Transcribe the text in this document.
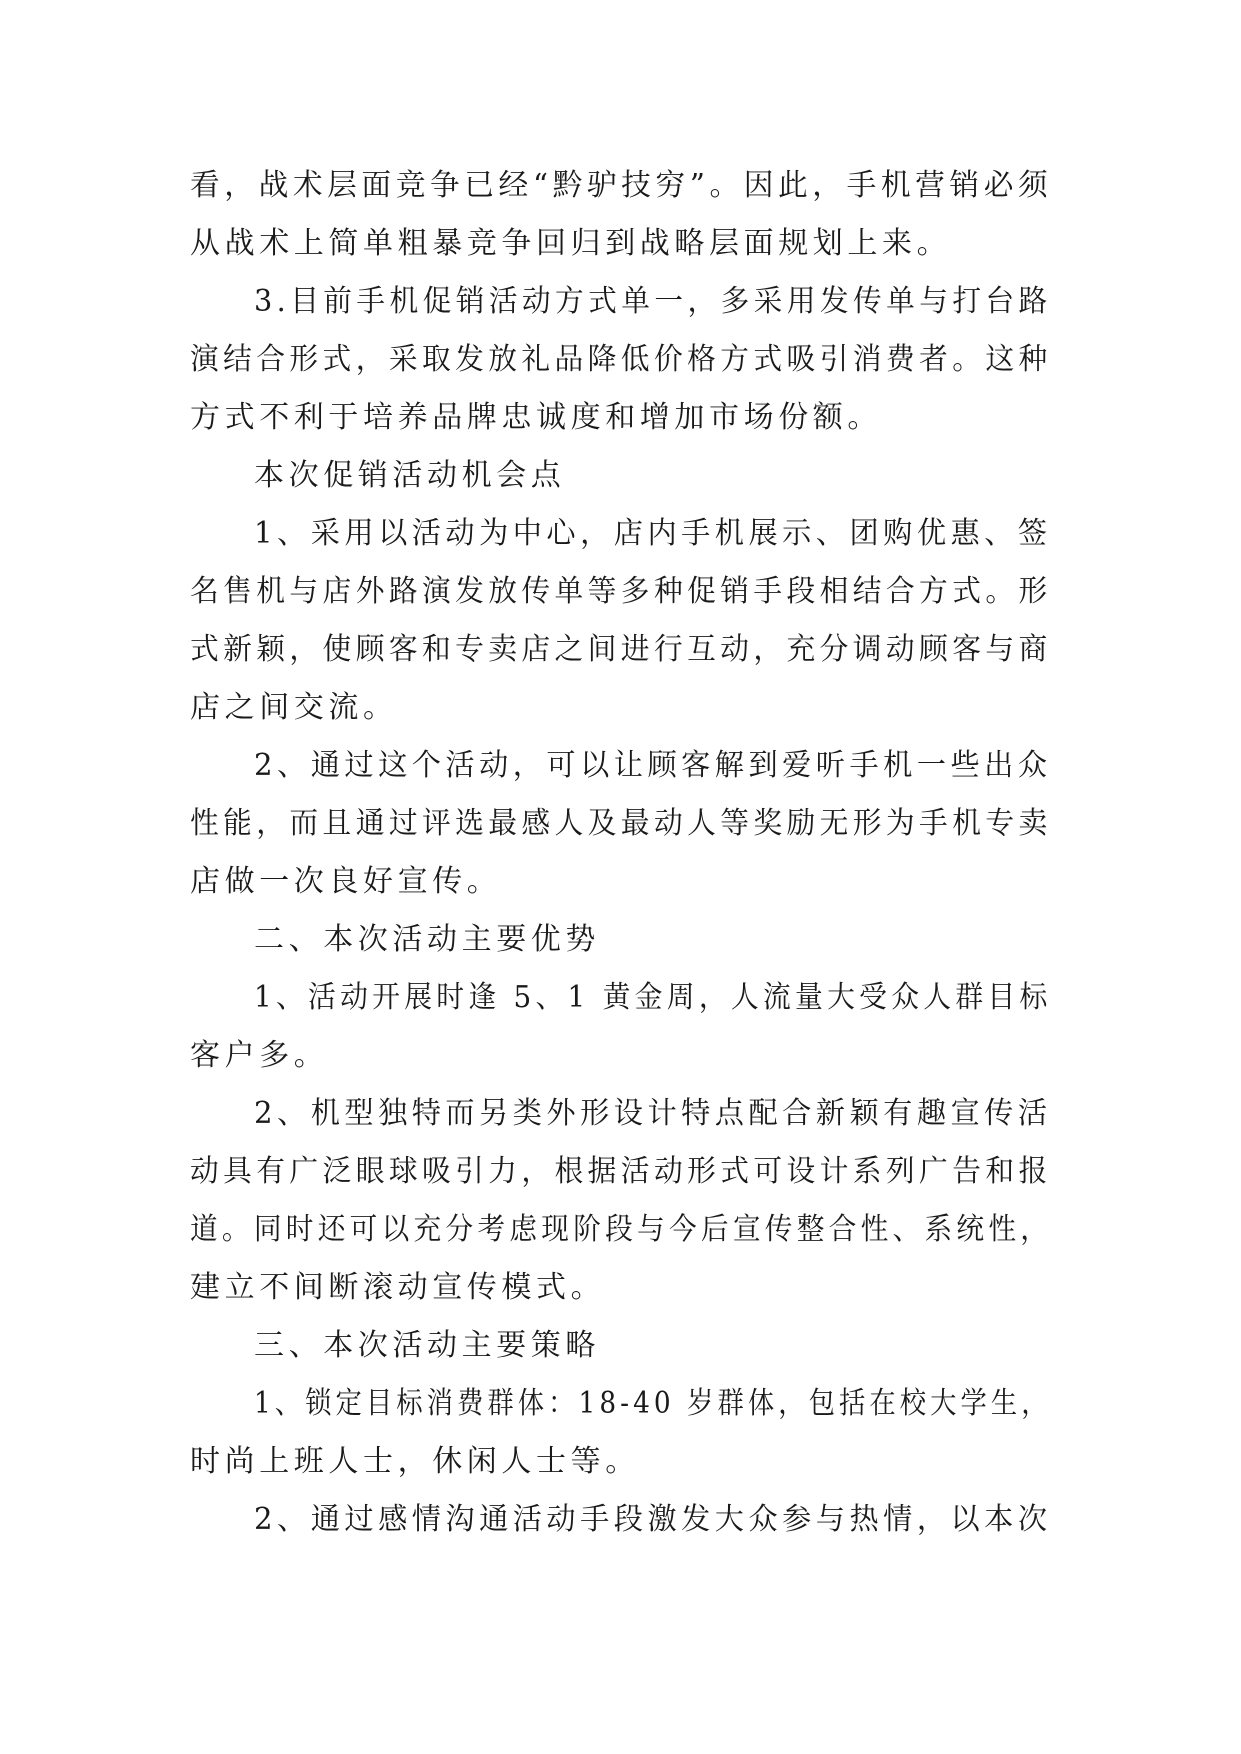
看，战术层面竞争已经“黔驴技穷”。因此，手机营销必须
从战术上简单粗暴竞争回归到战略层面规划上来。
3.目前手机促销活动方式单一，多采用发传单与打台路
演结合形式，采取发放礼品降低价格方式吸引消费者。这种
方式不利于培养品牌忠诚度和增加市场份额。
本次促销活动机会点
1、采用以活动为中心，店内手机展示、团购优惠、签
名售机与店外路演发放传单等多种促销手段相结合方式。形
式新颖，使顾客和专卖店之间进行互动，充分调动顾客与商
店之间交流。
2、通过这个活动，可以让顾客解到爱听手机一些出众
性能，而且通过评选最感人及最动人等奖励无形为手机专卖
店做一次良好宣传。
二、本次活动主要优势
1、活动开展时逢 5、1 黄金周，人流量大受众人群目标
客户多。
2、机型独特而另类外形设计特点配合新颖有趣宣传活
动具有广泛眼球吸引力，根据活动形式可设计系列广告和报
道。同时还可以充分考虑现阶段与今后宣传整合性、系统性，
建立不间断滚动宣传模式。
三、本次活动主要策略
1、锁定目标消费群体：18-40 岁群体，包括在校大学生，
时尚上班人士，休闲人士等。
2、通过感情沟通活动手段激发大众参与热情，以本次
